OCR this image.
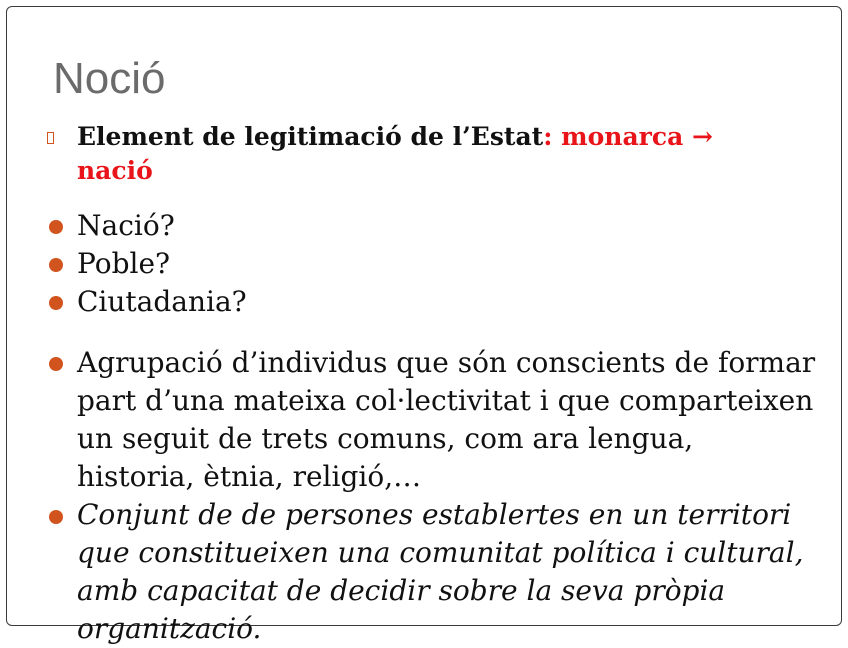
Noció
Element de legitimació de l’Estat: monarca → nació
Nació?
Poble?
Ciutadania?
Agrupació d’individus que són conscients de formar part d’una mateixa col·lectivitat i que comparteixen un seguit de trets comuns, com ara lengua, historia, ètnia, religió,…
Conjunt de de persones establertes en un territori que constitueixen una comunitat política i cultural, amb capacitat de decidir sobre la seva pròpia organització.
